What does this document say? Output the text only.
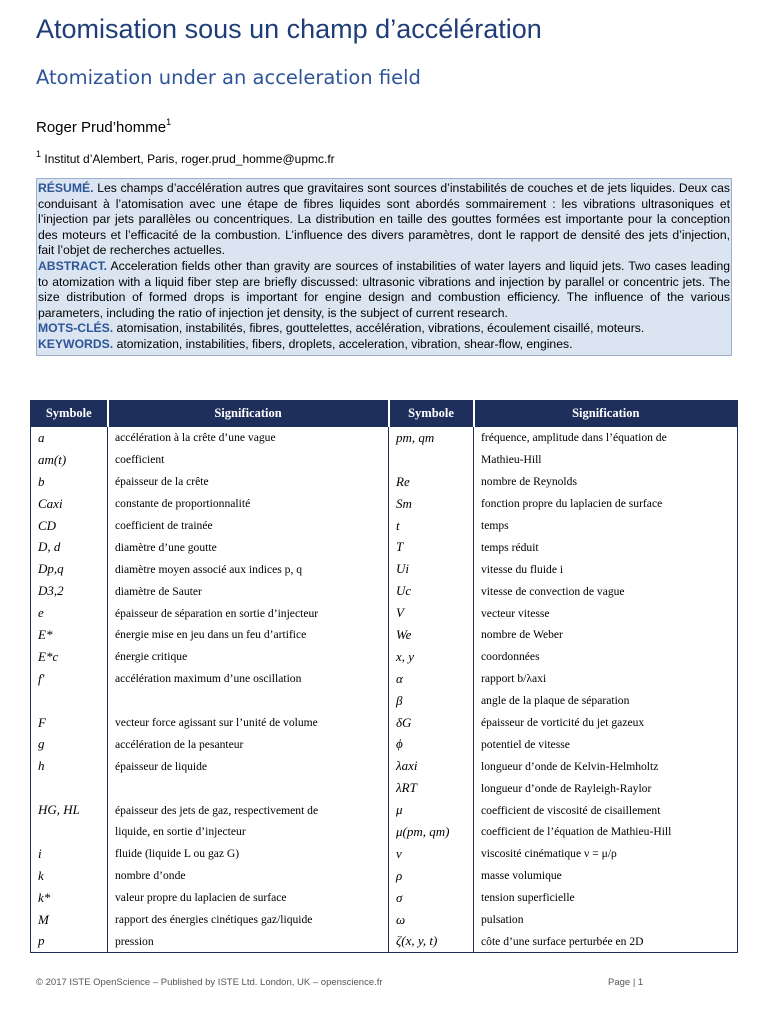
Atomisation sous un champ d’accélération
Atomization under an acceleration field
Roger Prud’homme$^1$
$^1$ Institut d’Alembert, Paris, roger.prud_homme@upmc.fr

RÉSUMÉ. Les champs d’accélération autres que gravitaires sont sources d’instabilités de couches et de jets liquides. Deux cas conduisant à l’atomisation avec une étape de fibres liquides sont abordés sommairement : les vibrations ultrasoniques et l’injection par jets parallèles ou concentriques. La distribution en taille des gouttes formées est importante pour la conception des moteurs et l’efficacité de la combustion. L’influence des divers paramètres, dont le rapport de densité des jets d’injection, fait l’objet de recherches actuelles.

ABSTRACT. Acceleration fields other than gravity are sources of instabilities of water layers and liquid jets. Two cases leading to atomization with a liquid fiber step are briefly discussed: ultrasonic vibrations and injection by parallel or concentric jets. The size distribution of formed drops is important for engine design and combustion efficiency. The influence of the various parameters, including the ratio of injection jet density, is the subject of current research.

MOTS-CLÉS. atomisation, instabilités, fibres, gouttelettes, accélération, vibrations, écoulement cisaillé, moteurs.

KEYWORDS. atomization, instabilities, fibers, droplets, acceleration, vibration, shear-flow, engines.

Symbole	Signification	Symbole	Signification
a	accélération à la crête d’une vague	pm, qm	fréquence, amplitude dans l’équation de
am(t)	coefficient		Mathieu-Hill
b	épaisseur de la crête	Re	nombre de Reynolds
Caxi	constante de proportionnalité	Sm	fonction propre du laplacien de surface
CD	coefficient de trainée	t	temps
D, d	diamètre d’une goutte	T	temps réduit
Dp,q	diamètre moyen associé aux indices p, q	Ui	vitesse du fluide i
D3,2	diamètre de Sauter	Uc	vitesse de convection de vague
e	épaisseur de séparation en sortie d’injecteur	V	vecteur vitesse
E*	énergie mise en jeu dans un feu d’artifice	We	nombre de Weber
E*c	énergie critique	x, y	coordonnées
f'	accélération maximum d’une oscillation	α	rapport b/λaxi
		β	angle de la plaque de séparation
F	vecteur force agissant sur l’unité de volume	δG	épaisseur de vorticité du jet gazeux
g	accélération de la pesanteur	ϕ	potentiel de vitesse
h	épaisseur de liquide	λaxi	longueur d’onde de Kelvin-Helmholtz
		λRT	longueur d’onde de Rayleigh-Raylor
HG, HL	épaisseur des jets de gaz, respectivement de	μ	coefficient de viscosité de cisaillement
	liquide, en sortie d’injecteur	μ(pm, qm)	coefficient de l’équation de Mathieu-Hill
i	fluide (liquide L ou gaz G)	ν	viscosité cinématique ν = μ/ρ
k	nombre d’onde	ρ	masse volumique
k*	valeur propre du laplacien de surface	σ	tension superficielle
M	rapport des énergies cinétiques gaz/liquide	ω	pulsation
p	pression	ζ(x, y, t)	côte d’une surface perturbée en 2D
© 2017 ISTE OpenScience – Published by ISTE Ltd. London, UK – openscience.fr	Page | 1
